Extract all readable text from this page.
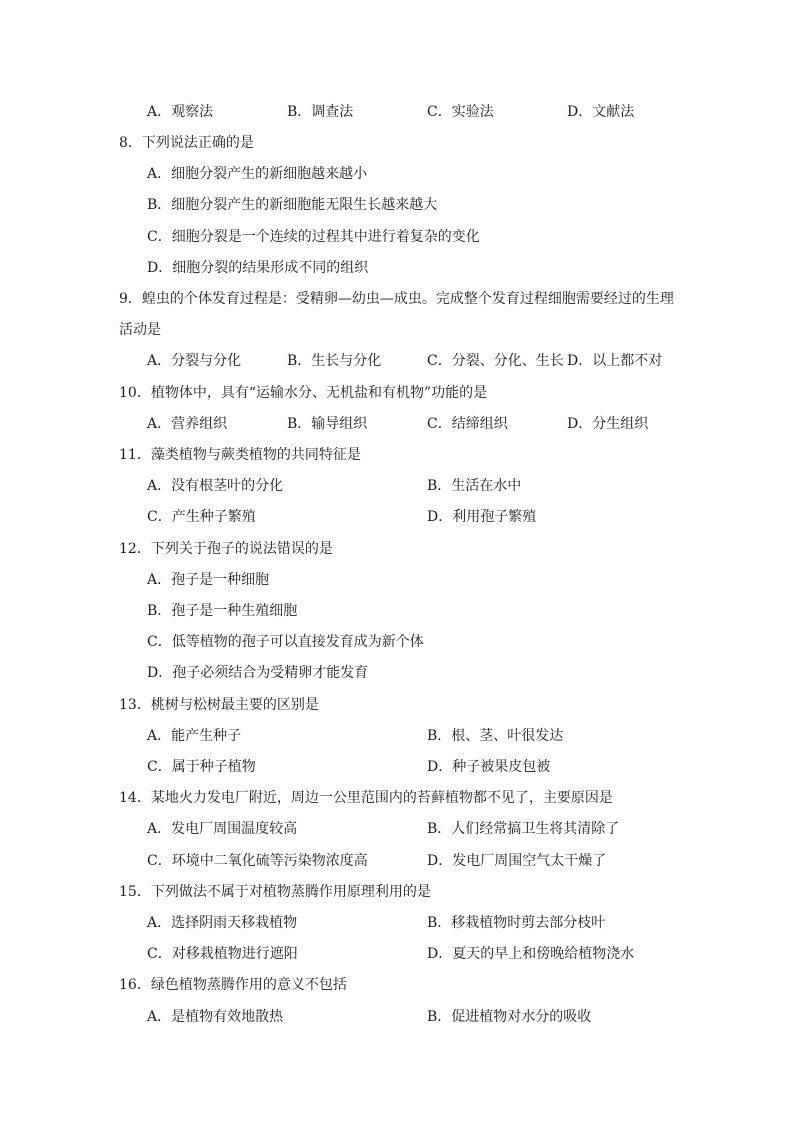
A．观察法	B．调查法	C．实验法	D．文献法
8．下列说法正确的是
A．细胞分裂产生的新细胞越来越小
B．细胞分裂产生的新细胞能无限生长越来越大
C．细胞分裂是一个连续的过程其中进行着复杂的变化
D．细胞分裂的结果形成不同的组织
9．蝗虫的个体发育过程是：受精卵—幼虫—成虫。完成整个发育过程细胞需要经过的生理
活动是
A．分裂与分化	B．生长与分化	C．分裂、分化、生长 D．以上都不对
10．植物体中，具有“运输水分、无机盐和有机物”功能的是
A．营养组织	B．输导组织	C．结缔组织	D．分生组织
11．藻类植物与蕨类植物的共同特征是
A．没有根茎叶的分化	B．生活在水中
C．产生种子繁殖	D．利用孢子繁殖
12．下列关于孢子的说法错误的是
A．孢子是一种细胞
B．孢子是一种生殖细胞
C．低等植物的孢子可以直接发育成为新个体
D．孢子必须结合为受精卵才能发育
13．桃树与松树最主要的区别是
A．能产生种子	B．根、茎、叶很发达
C．属于种子植物	D．种子被果皮包被
14．某地火力发电厂附近，周边一公里范围内的苔藓植物都不见了，主要原因是
A．发电厂周围温度较高	B．人们经常搞卫生将其清除了
C．环境中二氧化硫等污染物浓度高	D．发电厂周围空气太干燥了
15．下列做法不属于对植物蒸腾作用原理利用的是
A．选择阴雨天移栽植物	B．移栽植物时剪去部分枝叶
C．对移栽植物进行遮阳	D．夏天的早上和傍晚给植物浇水
16．绿色植物蒸腾作用的意义不包括
A．是植物有效地散热	B．促进植物对水分的吸收
